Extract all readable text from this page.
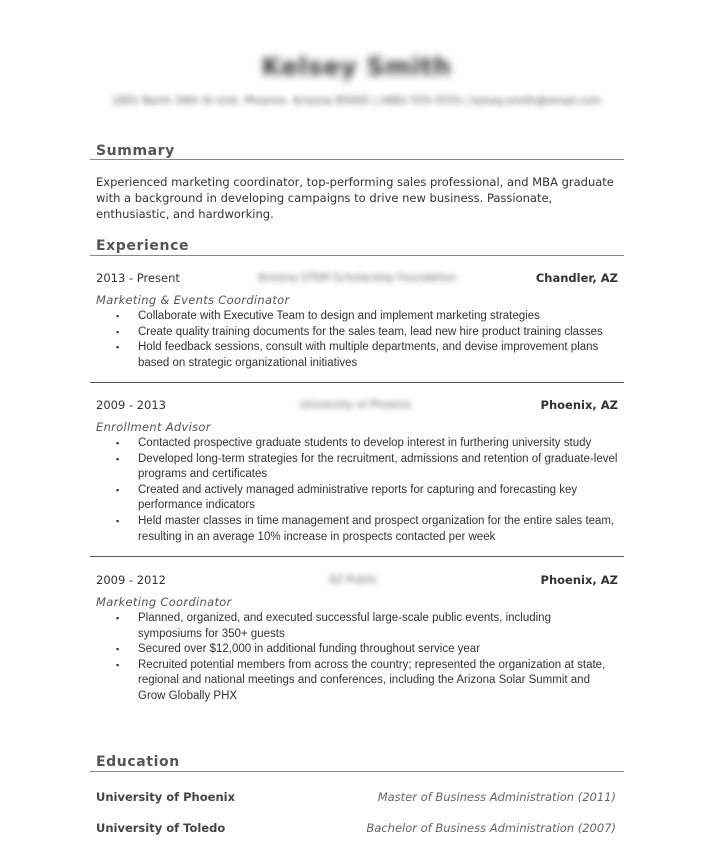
Kelsey Smith
1801 North 34th St Unit, Phoenix, Arizona 85000 | (480) 555-5555 | kelsey.smith@email.com
Summary

Experienced marketing coordinator, top-performing sales professional, and MBA graduate with a background in developing campaigns to drive new business. Passionate, enthusiastic, and hardworking.

Experience
2013 - Present	Arizona STEM Scholarship Foundation	Chandler, AZ
Marketing & Events Coordinator
▪ Collaborate with Executive Team to design and implement marketing strategies
▪ Create quality training documents for the sales team, lead new hire product training classes
▪ Hold feedback sessions, consult with multiple departments, and devise improvement plans based on strategic organizational initiatives
2009 - 2013	University of Phoenix	Phoenix, AZ
Enrollment Advisor
▪ Contacted prospective graduate students to develop interest in furthering university study
▪ Developed long-term strategies for the recruitment, admissions and retention of graduate-level programs and certificates
▪ Created and actively managed administrative reports for capturing and forecasting key performance indicators
▪ Held master classes in time management and prospect organization for the entire sales team, resulting in an average 10% increase in prospects contacted per week
2009 - 2012	AZ Public	Phoenix, AZ
Marketing Coordinator
▪ Planned, organized, and executed successful large-scale public events, including symposiums for 350+ guests
▪ Secured over $12,000 in additional funding throughout service year
▪ Recruited potential members from across the country; represented the organization at state, regional and national meetings and conferences, including the Arizona Solar Summit and Grow Globally PHX
Education
University of Phoenix	Master of Business Administration (2011)
University of Toledo	Bachelor of Business Administration (2007)
